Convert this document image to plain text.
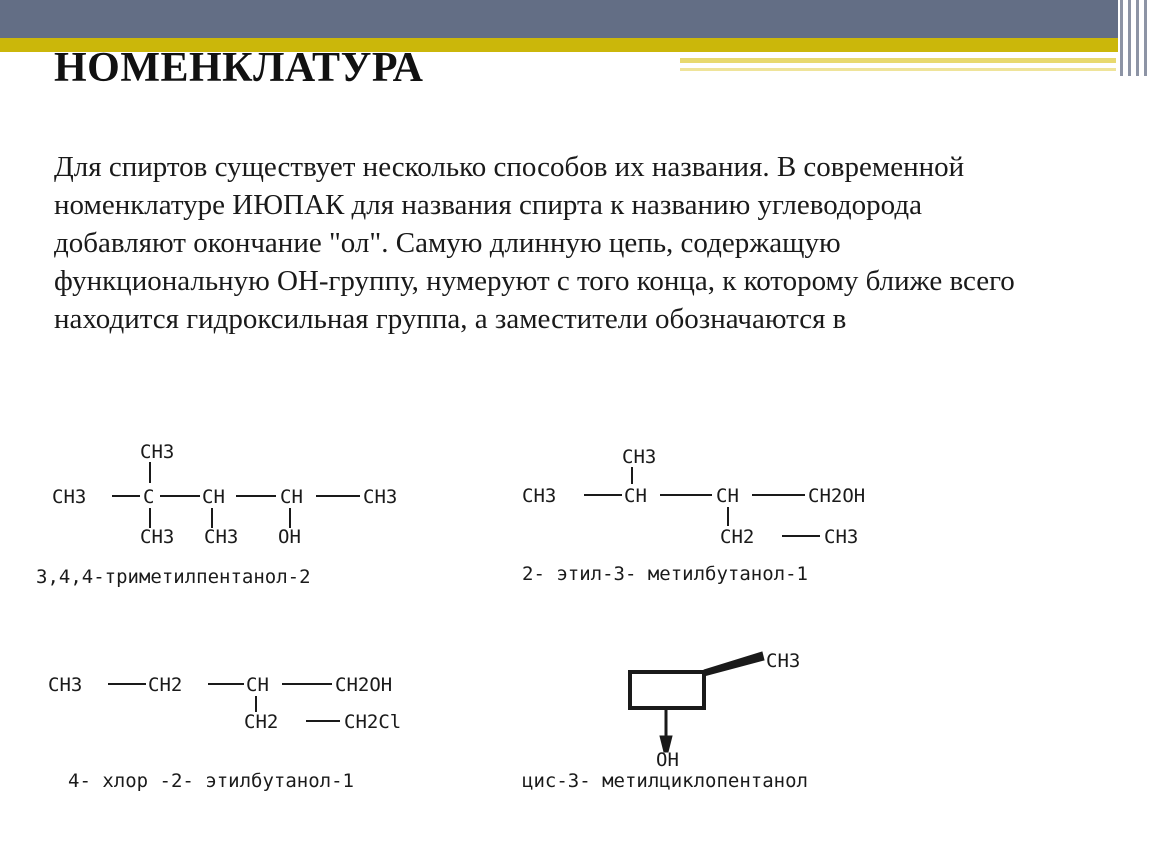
НОМЕНКЛАТУРА

Для спиртов существует несколько способов их названия. В современной

номенклатуре ИЮПАК для названия спирта к названию углеводорода

добавляют окончание "ол". Самую длинную цепь, содержащую

функциональную ОН-группу, нумеруют с того конца, к которому ближе всего

находится гидроксильная группа, а заместители обозначаются в

CH3
CH3	C	CH	CH	CH3
CH3 CH3 OH
3,4,4-триметилпентанол-2
CH3
CH3	CH	CH	CH2OH
CH2	CH3
2- этил-3- метилбутанол-1
CH3	CH2	CH	CH2OH
CH2	CH2Cl
4- хлор -2- этилбутанол-1
CH3
OH
цис-3- метилциклопентанол
